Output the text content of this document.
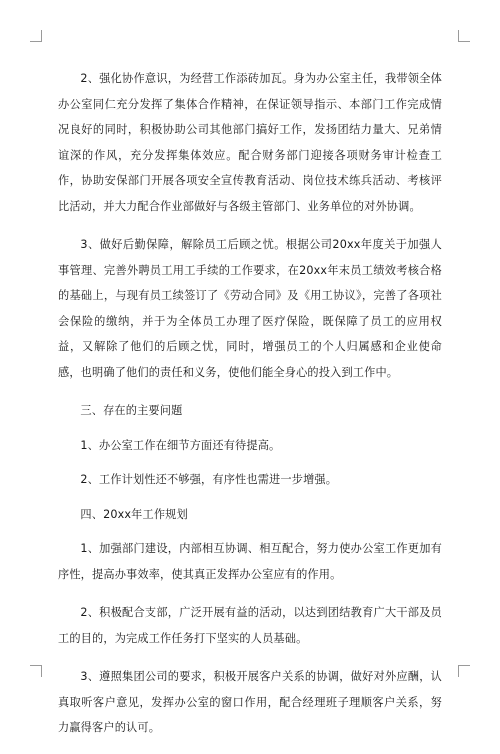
2、强化协作意识，为经营工作添砖加瓦。身为办公室主任，我带领全体办公室同仁充分发挥了集体合作精神，在保证领导指示、本部门工作完成情况良好的同时，积极协助公司其他部门搞好工作，发扬团结力量大、兄弟情谊深的作风，充分发挥集体效应。配合财务部门迎接各项财务审计检查工作，协助安保部门开展各项安全宣传教育活动、岗位技术练兵活动、考核评比活动，并大力配合作业部做好与各级主管部门、业务单位的对外协调。

3、做好后勤保障，解除员工后顾之忧。根据公司20xx年度关于加强人事管理、完善外聘员工用工手续的工作要求，在20xx年末员工绩效考核合格的基础上，与现有员工续签订了《劳动合同》及《用工协议》，完善了各项社会保险的缴纳，并于为全体员工办理了医疗保险，既保障了员工的应用权益，又解除了他们的后顾之忧，同时，增强员工的个人归属感和企业使命感，也明确了他们的责任和义务，使他们能全身心的投入到工作中。

三、存在的主要问题

1、办公室工作在细节方面还有待提高。

2、工作计划性还不够强，有序性也需进一步增强。

四、20xx年工作规划

1、加强部门建设，内部相互协调、相互配合，努力使办公室工作更加有序性，提高办事效率，使其真正发挥办公室应有的作用。

2、积极配合支部，广泛开展有益的活动，以达到团结教育广大干部及员工的目的，为完成工作任务打下坚实的人员基础。

3、遵照集团公司的要求，积极开展客户关系的协调，做好对外应酬，认真取听客户意见，发挥办公室的窗口作用，配合经理班子理顺客户关系，努力赢得客户的认可。
